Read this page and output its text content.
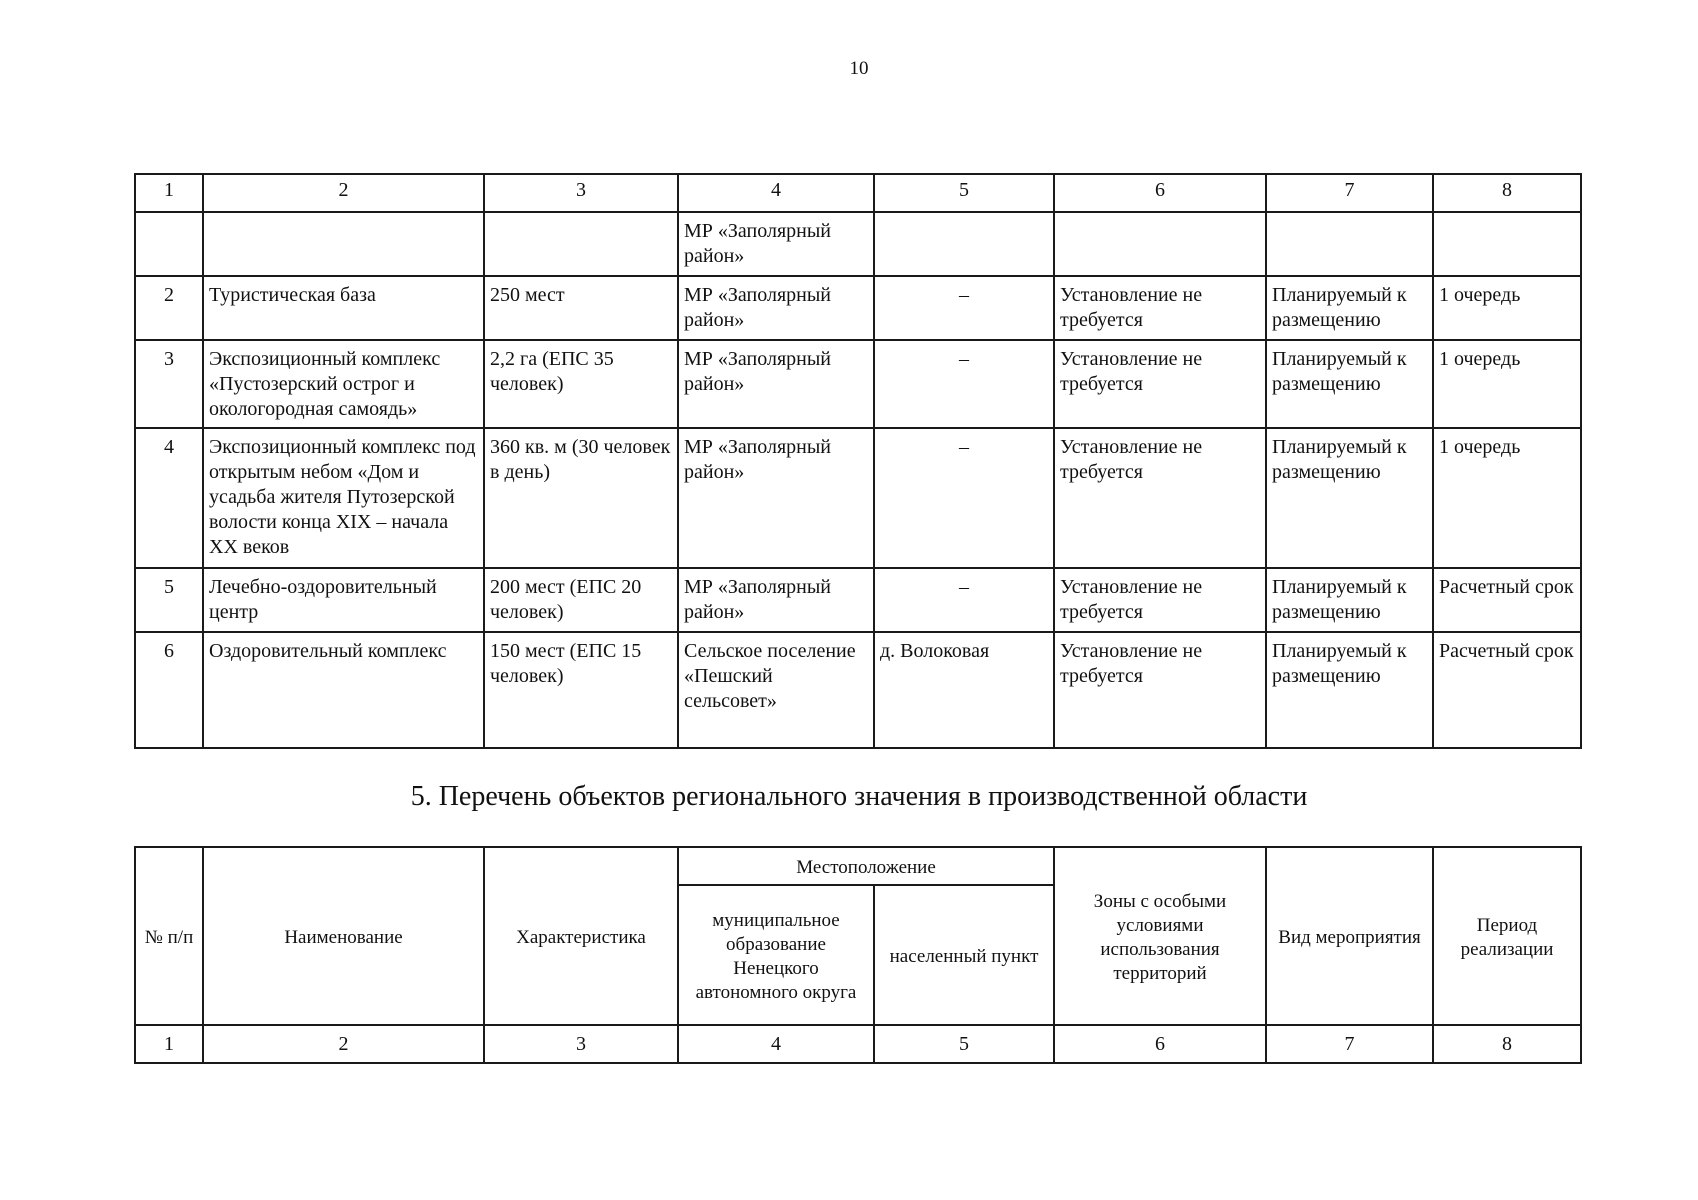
10
1	2	3	4	5	6	7	8
			МР «Заполярный район»				
2	Туристическая база	250 мест	МР «Заполярный район»	–	Установление не требуется	Планируемый к размещению	1 очередь
3	Экспозиционный комплекс «Пустозерский острог и окологородная самоядь»	2,2 га (ЕПС 35 человек)	МР «Заполярный район»	–	Установление не требуется	Планируемый к размещению	1 очередь
4	Экспозиционный комплекс под открытым небом «Дом и усадьба жителя Путозерской волости конца XIX – начала XX веков	360 кв. м (30 человек в день)	МР «Заполярный район»	–	Установление не требуется	Планируемый к размещению	1 очередь
5	Лечебно-оздоровительный центр	200 мест (ЕПС 20 человек)	МР «Заполярный район»	–	Установление не требуется	Планируемый к размещению	Расчетный срок
6	Оздоровительный комплекс	150 мест (ЕПС 15 человек)	Сельское поселение «Пешский сельсовет»	д. Волоковая	Установление не требуется	Планируемый к размещению	Расчетный срок
5. Перечень объектов регионального значения в производственной области
№ п/п	Наименование	Характеристика	Местоположение		Зоны с особыми условиями использования территорий	Вид мероприятия	Период реализации
			муниципальное образование Ненецкого автономного округа	населенный пункт			
1	2	3	4	5	6	7	8
